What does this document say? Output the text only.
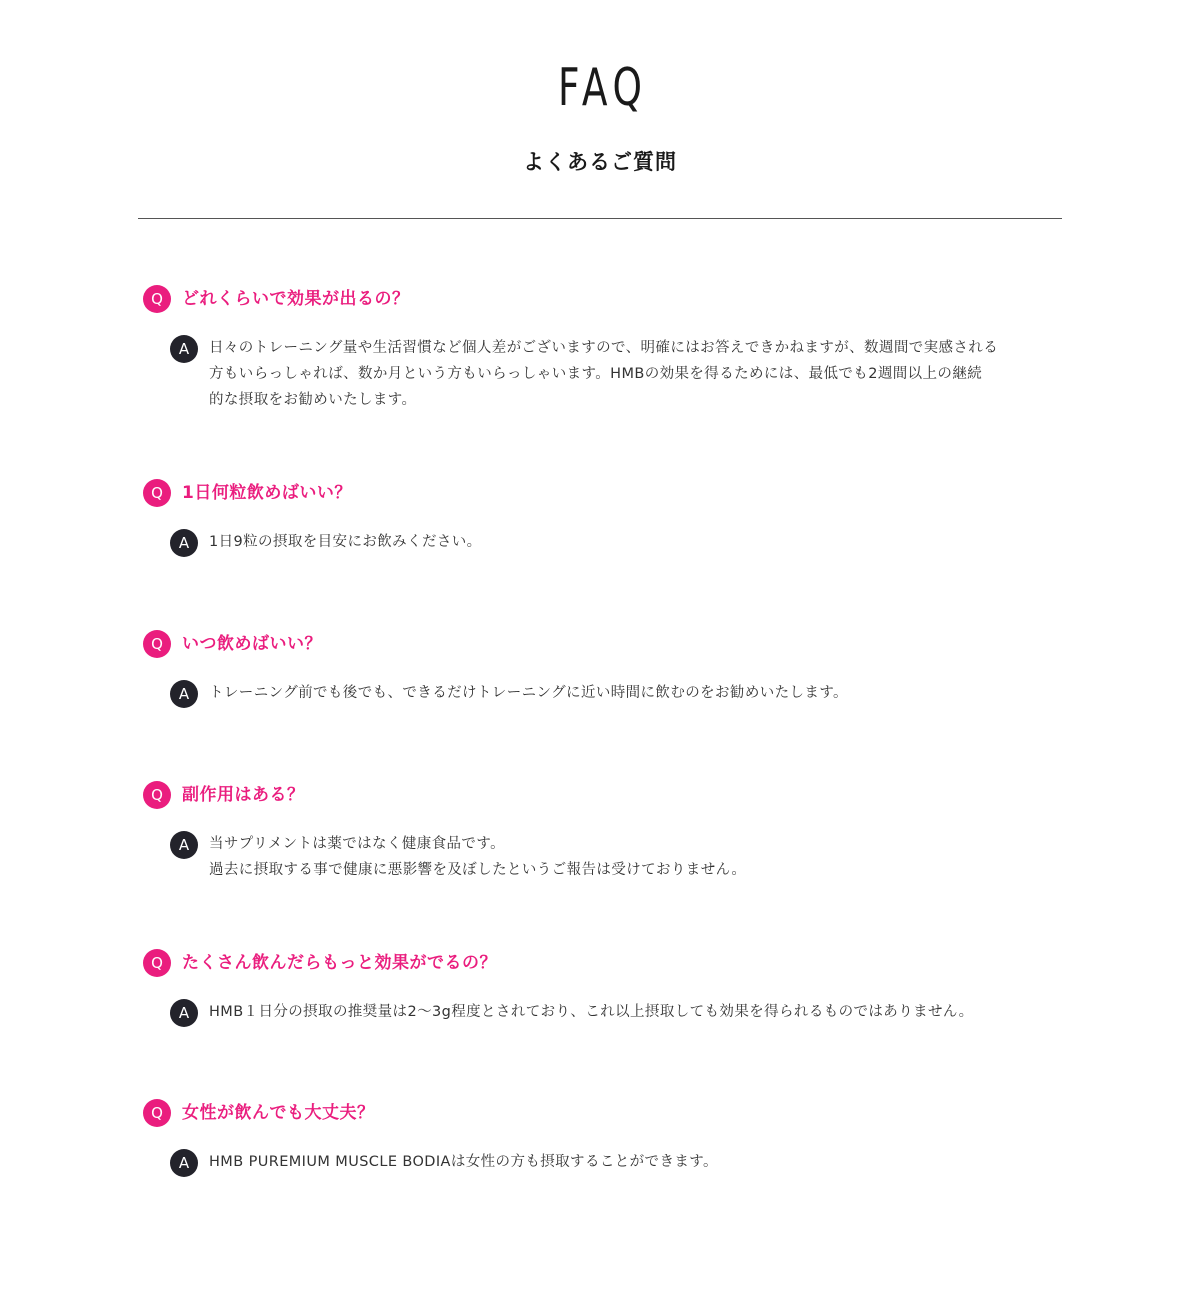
FAQ
よくあるご質問
Q	どれくらいで効果が出るの？
A	日々のトレーニング量や生活習慣など個人差がございますので、明確にはお答えできかねますが、数週間で実感される
方もいらっしゃれば、数か月という方もいらっしゃいます。HMBの効果を得るためには、最低でも2週間以上の継続
的な摂取をお勧めいたします。
Q	1日何粒飲めばいい？
A	1日9粒の摂取を目安にお飲みください。
Q	いつ飲めばいい？
A	トレーニング前でも後でも、できるだけトレーニングに近い時間に飲むのをお勧めいたします。
Q	副作用はある？
A	当サプリメントは薬ではなく健康食品です。
過去に摂取する事で健康に悪影響を及ぼしたというご報告は受けておりません。
Q	たくさん飲んだらもっと効果がでるの？
A	HMB１日分の摂取の推奨量は2〜3g程度とされており、これ以上摂取しても効果を得られるものではありません。
Q	女性が飲んでも大丈夫？
A	HMB PUREMIUM MUSCLE BODIAは女性の方も摂取することができます。
